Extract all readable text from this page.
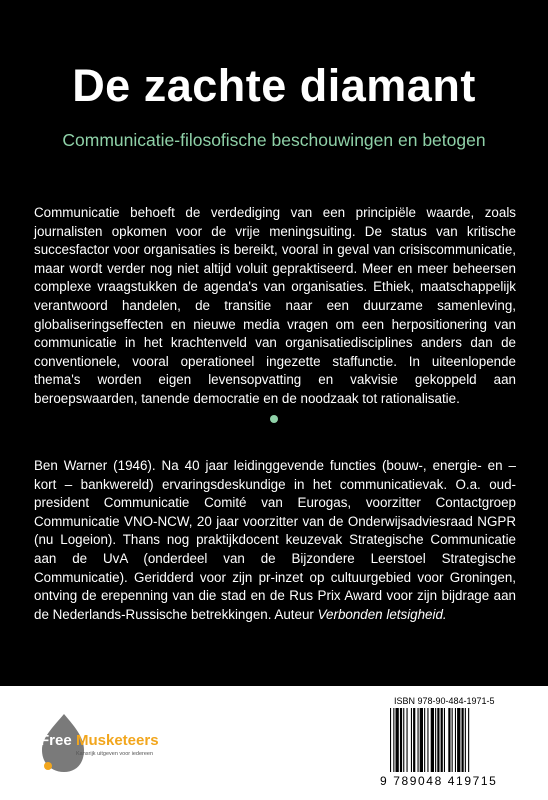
De zachte diamant
Communicatie-filosofische beschouwingen en betogen

Communicatie behoeft de verdediging van een principiële waarde, zoals journalisten opkomen voor de vrije meningsuiting. De status van kritische succesfactor voor organisaties is bereikt, vooral in geval van crisiscommunicatie, maar wordt verder nog niet altijd voluit gepraktiseerd. Meer en meer beheersen complexe vraagstukken de agenda's van organisaties. Ethiek, maatschappelijk verantwoord handelen, de transitie naar een duurzame samenleving, globaliseringseffecten en nieuwe media vragen om een herpositionering van communicatie in het krachtenveld van organisatiedisciplines anders dan de conventionele, vooral operationeel ingezette staffunctie. In uiteenlopende thema's worden eigen levensopvatting en vakvisie gekoppeld aan beroepswaarden, tanende democratie en de noodzaak tot rationalisatie.

Ben Warner (1946). Na 40 jaar leidinggevende functies (bouw-, energie- en – kort – bankwereld) ervaringsdeskundige in het communicatievak. O.a. oud-president Communicatie Comité van Eurogas, voorzitter Contactgroep Communicatie VNO-NCW, 20 jaar voorzitter van de Onderwijsadviesraad NGPR (nu Logeion). Thans nog praktijkdocent keuzevak Strategische Communicatie aan de UvA (onderdeel van de Bijzondere Leerstoel Strategische Communicatie). Geridderd voor zijn pr-inzet op cultuurgebied voor Groningen, ontving de erepenning van die stad en de Rus Prix Award voor zijn bijdrage aan de Nederlands-Russische betrekkingen. Auteur Verbonden letsigheid.

Free Musketeers
Kansrijk uitgeven voor iedereen
ISBN 978-90-484-1971-5
9 789048 419715
